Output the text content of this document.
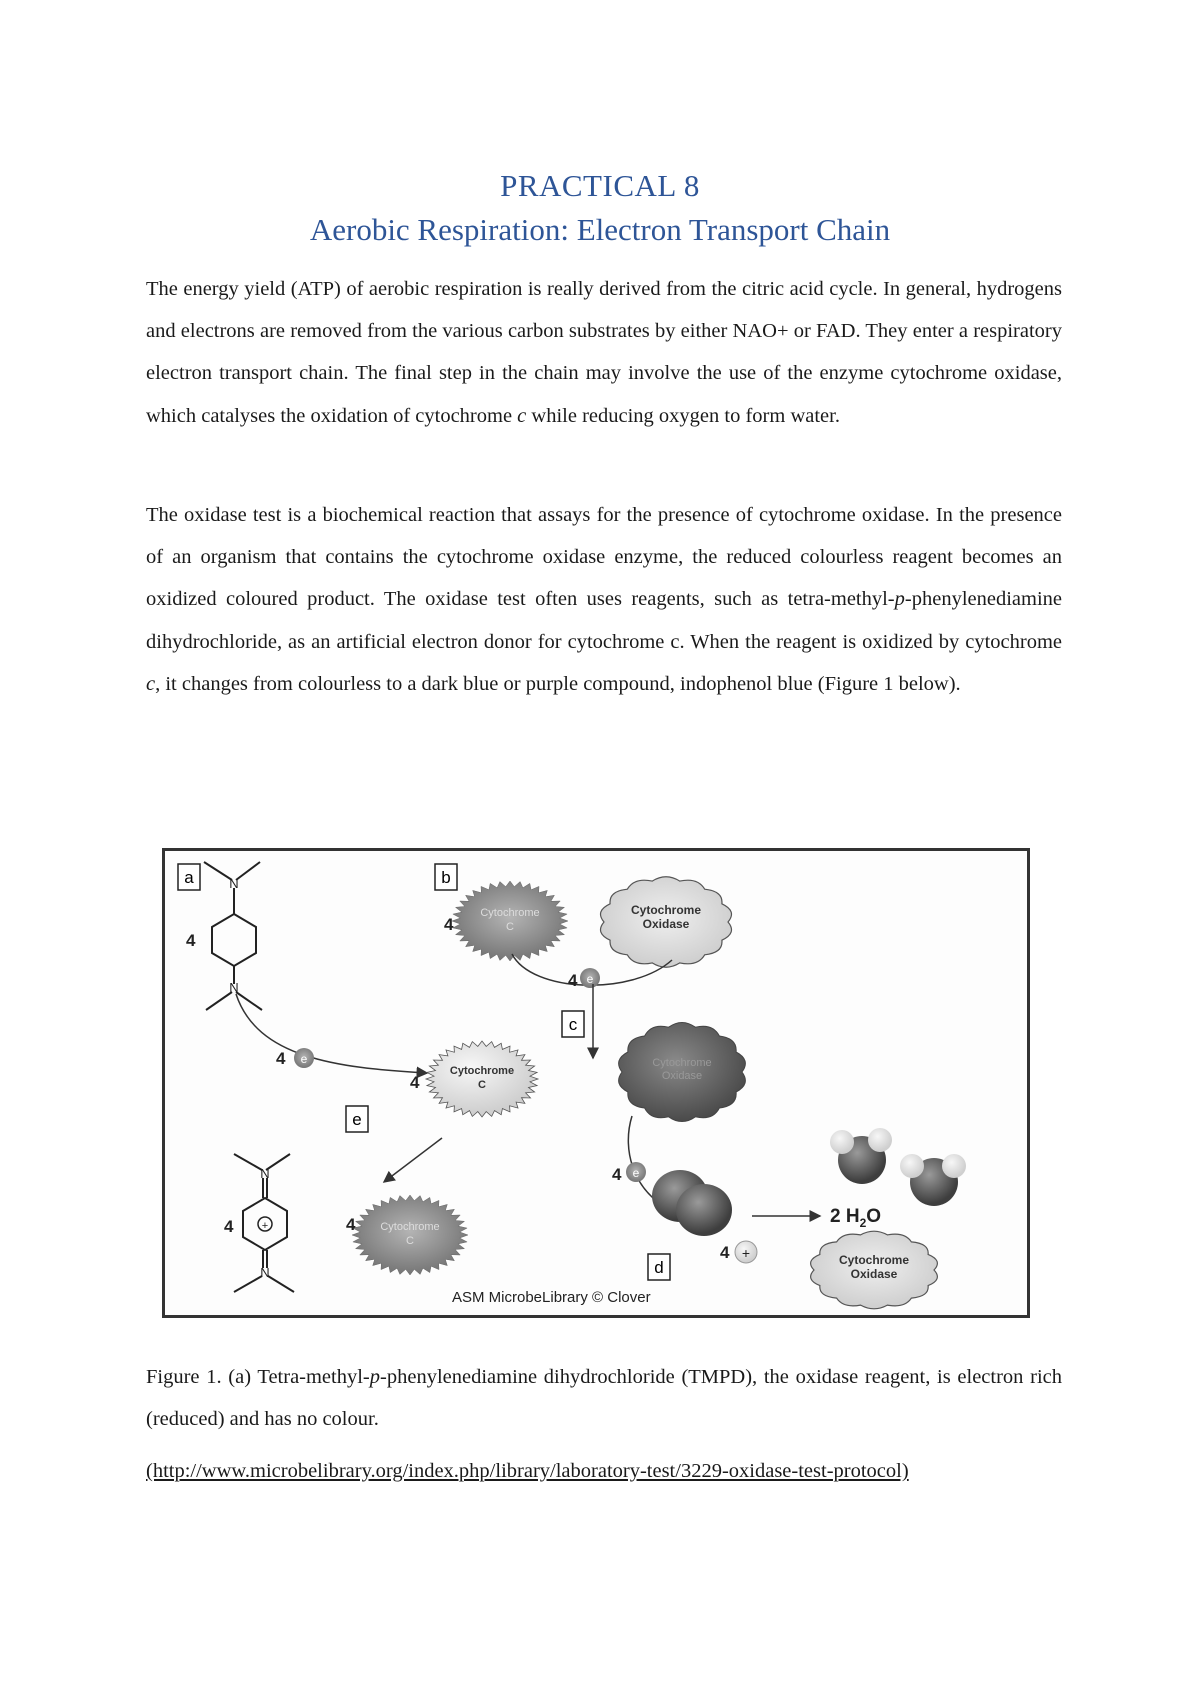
PRACTICAL 8
Aerobic Respiration: Electron Transport Chain
The energy yield (ATP) of aerobic respiration is really derived from the citric acid cycle. In general, hydrogens and electrons are removed from the various carbon substrates by either NAO+ or FAD. They enter a respiratory electron transport chain. The final step in the chain may involve the use of the enzyme cytochrome oxidase, which catalyses the oxidation of cytochrome c while reducing oxygen to form water.
The oxidase test is a biochemical reaction that assays for the presence of cytochrome oxidase. In the presence of an organism that contains the cytochrome oxidase enzyme, the reduced colourless reagent becomes an oxidized coloured product. The oxidase test often uses reagents, such as tetra-methyl-p-phenylenediamine dihydrochloride, as an artificial electron donor for cytochrome c. When the reagent is oxidized by cytochrome c, it changes from colourless to a dark blue or purple compound, indophenol blue (Figure 1 below).
a	b
c
e
d
N
N
4
4 e
Cytochrome
C
4
Cytochrome
Oxidase
4 e
Cytochrome
C
4
Cytochrome
Oxidase
N
N
+
4	Cytochrome
C
4
4 e
4 +
2 $H_2O$
Cytochrome
Oxidase
ASM MicrobeLibrary © Clover
Figure 1. (a) Tetra-methyl-p-phenylenediamine dihydrochloride (TMPD), the oxidase reagent, is electron rich (reduced) and has no colour.
(http://www.microbelibrary.org/index.php/library/laboratory-test/3229-oxidase-test-protocol)
